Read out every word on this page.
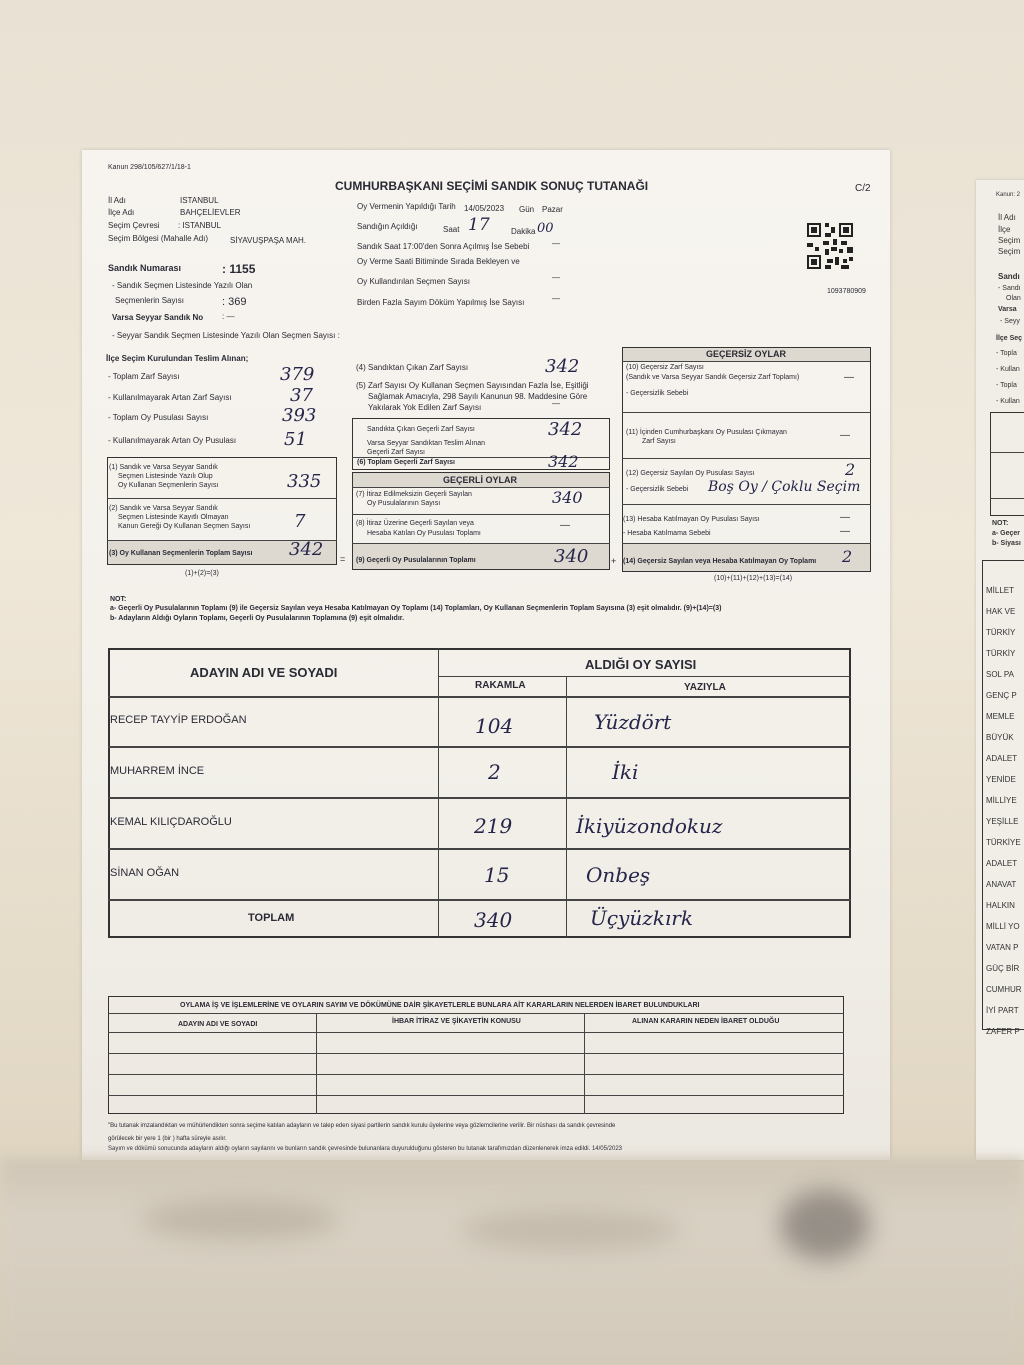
Kanun 298/105/627/1/18-1
CUMHURBAŞKANI SEÇİMİ SANDIK SONUÇ TUTANAĞI	C/2
1093780909
İl Adı	ISTANBUL
İlçe Adı	BAHÇELİEVLER
Seçim Çevresi : ISTANBUL
Seçim Bölgesi (Mahalle Adı)	SİYAVUŞPAŞA MAH.
Sandık Numarası	: 1155
- Sandık Seçmen Listesinde Yazılı Olan
Seçmenlerin Sayısı	: 369
Varsa Seyyar Sandık No : —
- Seyyar Sandık Seçmen Listesinde Yazılı Olan Seçmen Sayısı :
Oy Vermenin Yapıldığı Tarih 14/05/2023 Gün Pazar
Sandığın Açıldığı	Saat 17	Dakika 00
Sandık Saat 17:00'den Sonra Açılmış İse Sebebi	—
Oy Verme Saati Bitiminde Sırada Bekleyen ve
Oy Kullandırılan Seçmen Sayısı	—
Birden Fazla Sayım Döküm Yapılmış İse Sayısı	—
İlçe Seçim Kurulundan Teslim Alınan;
- Toplam Zarf Sayısı	379
- Kullanılmayarak Artan Zarf Sayısı	37
- Toplam Oy Pusulası Sayısı	393
- Kullanılmayarak Artan Oy Pusulası	51
(1) Sandık ve Varsa Seyyar Sandık
Seçmen Listesinde Yazılı Olup
Oy Kullanan Seçmenlerin Sayısı	335
(2) Sandık ve Varsa Seyyar Sandık
Seçmen Listesinde Kayıtlı Olmayan
Kanun Gereği Oy Kullanan Seçmen Sayısı 7
(3) Oy Kullanan Seçmenlerin Toplam Sayısı 342
(1)+(2)=(3)
=
(4) Sandıktan Çıkan Zarf Sayısı	342
(5) Zarf Sayısı Oy Kullanan Seçmen Sayısından Fazla İse, Eşitliği
Sağlamak Amacıyla, 298 Sayılı Kanunun 98. Maddesine Göre
Yakılarak Yok Edilen Zarf Sayısı	—
Sandıkta Çıkan Geçerli Zarf Sayısı	342
Varsa Seyyar Sandıktan Teslim Alınan
Geçerli Zarf Sayısı
(6) Toplam Geçerli Zarf Sayısı	342
GEÇERLİ OYLAR
(7) İtiraz Edilmeksizin Geçerli Sayılan
Oy Pusulalarının Sayısı	340
(8) İtiraz Üzerine Geçerli Sayılan veya
Hesaba Katılan Oy Pusulası Toplamı
—
(9) Geçerli Oy Pusulalarının Toplamı	340	+
GEÇERSİZ OYLAR
(10) Geçersiz Zarf Sayısı
(Sandık ve Varsa Seyyar Sandık Geçersiz Zarf Toplamı)	—
- Geçersizlik Sebebi
(11) İçinden Cumhurbaşkanı Oy Pusulası Çıkmayan
Zarf Sayısı
—
(12) Geçersiz Sayılan Oy Pusulası Sayısı	2
- Geçersizlik Sebebi Boş Oy / Çoklu Seçim
(13) Hesaba Katılmayan Oy Pusulası Sayısı	—
- Hesaba Katılmama Sebebi	—
(14) Geçersiz Sayılan veya Hesaba Katılmayan Oy Toplamı 2
(10)+(11)+(12)+(13)=(14)
NOT:
a- Geçerli Oy Pusulalarının Toplamı (9) ile Geçersiz Sayılan veya Hesaba Katılmayan Oy Toplamı (14) Toplamları, Oy Kullanan Seçmenlerin Toplam Sayısına (3) eşit olmalıdır. (9)+(14)=(3)
b- Adayların Aldığı Oyların Toplamı, Geçerli Oy Pusulalarının Toplamına (9) eşit olmalıdır.
ADAYIN ADI VE SOYADI
ALDIĞI OY SAYISI
RAKAMLA	YAZIYLA
RECEP TAYYİP ERDOĞAN	104	Yüzdört
MUHARREM İNCE	2	İki
KEMAL KILIÇDAROĞLU	219	İkiyüzondokuz
SİNAN OĞAN	15	Onbeş
TOPLAM	340	Üçyüzkırk
OYLAMA İŞ VE İŞLEMLERİNE VE OYLARIN SAYIM VE DÖKÜMÜNE DAİR ŞİKAYETLERLE BUNLARA AİT KARARLARIN NELERDEN İBARET BULUNDUKLARI
ADAYIN ADI VE SOYADI	İHBAR İTİRAZ VE ŞİKAYETİN KONUSU	ALINAN KARARIN NEDEN İBARET OLDUĞU
"Bu tutanak imzalandıktan ve mühürlendikten sonra seçime katılan adayların ve talep eden siyasi partilerin sandık kurulu üyelerine veya gözlemcilerine verilir. Bir nüshası da sandık çevresinde
görülecek bir yere 1 (bir ) hafta süreyle asılır.
Sayım ve dökümü sonucunda adayların aldığı oyların sayılarını ve bunların sandık çevresinde bulunanlara duyurulduğunu gösteren bu tutanak tarafımızdan düzenlenerek imza edildi. 14/05/2023
Kanun: 2
İl Adı
İlçe
Seçim
Seçim
Sandı
- Sandı
Olan
Varsa
- Seyy
İlçe Seç
- Topla
- Kullan
- Topla
- Kullan
NOT:
a- Geçer
b- Siyası
MİLLET
HAK VE
TÜRKİY
TÜRKİY
SOL PA
GENÇ P
MEMLE
BÜYÜK
ADALET
YENİDE
MİLLİYE
YEŞİLLE
TÜRKİYE
ADALET
ANAVAT
HALKIN
MİLLİ YO
VATAN P
GÜÇ BİR
CUMHUR
İYİ PART
ZAFER P
